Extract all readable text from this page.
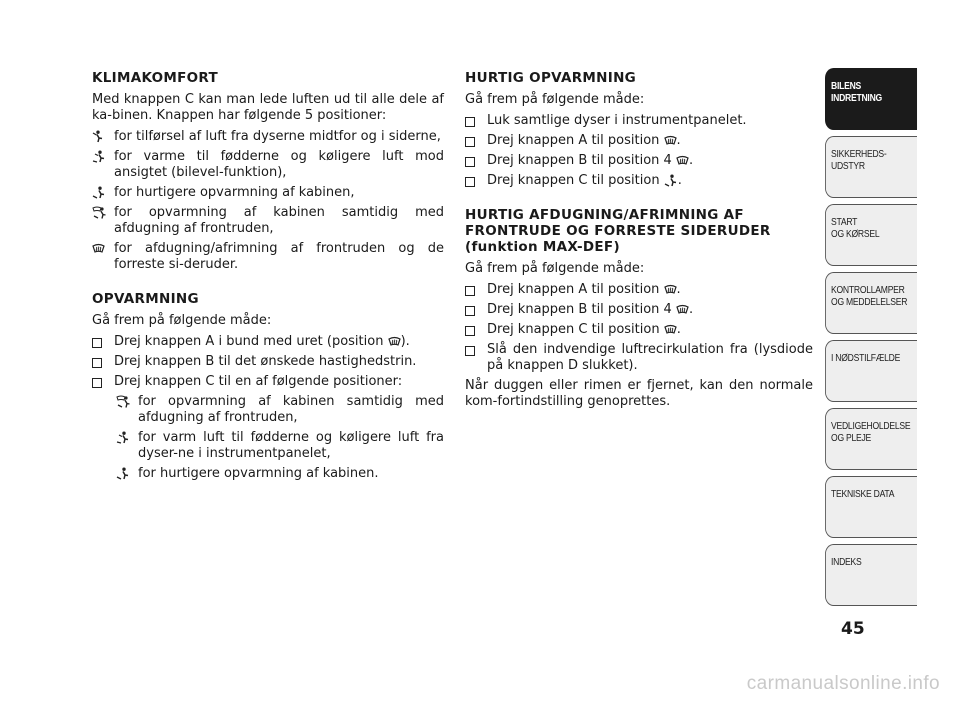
KLIMAKOMFORT

Med knappen C kan man lede luften ud til alle dele af ka-binen. Knappen har følgende 5 positioner:

for tilførsel af luft fra dyserne midtfor og i siderne,
for varme til fødderne og køligere luft mod ansigtet (bilevel-funktion),
for hurtigere opvarmning af kabinen,
for opvarmning af kabinen samtidig med afdugning af frontruden,
for afdugning/afrimning af frontruden og de forreste si-deruder.
OPVARMNING

Gå frem på følgende måde:

Drej knappen A i bund med uret (position ).
Drej knappen B til det ønskede hastighedstrin.
Drej knappen C til en af følgende positioner:
for opvarmning af kabinen samtidig med afdugning af frontruden,
for varm luft til fødderne og køligere luft fra dyser-ne i instrumentpanelet,
for hurtigere opvarmning af kabinen.
HURTIG OPVARMNING

Gå frem på følgende måde:

Luk samtlige dyser i instrumentpanelet.
Drej knappen A til position .
Drej knappen B til position 4 .
Drej knappen C til position .
HURTIG AFDUGNING/AFRIMNING AF
FRONTRUDE OG FORRESTE SIDERUDER
(funktion MAX-DEF)

Gå frem på følgende måde:

Drej knappen A til position .
Drej knappen B til position 4 .
Drej knappen C til position .
Slå den indvendige luftrecirkulation fra (lysdiode på knappen D slukket).

Når duggen eller rimen er fjernet, kan den normale kom-fortindstilling genoprettes.

BILENS
INDRETNING
SIKKERHEDS-
UDSTYR
START
OG KØRSEL
KONTROLLAMPER
OG MEDDELELSER
I NØDSTILFÆLDE
VEDLIGEHOLDELSE
OG PLEJE
TEKNISKE DATA
INDEKS
45
carmanualsonline.info
